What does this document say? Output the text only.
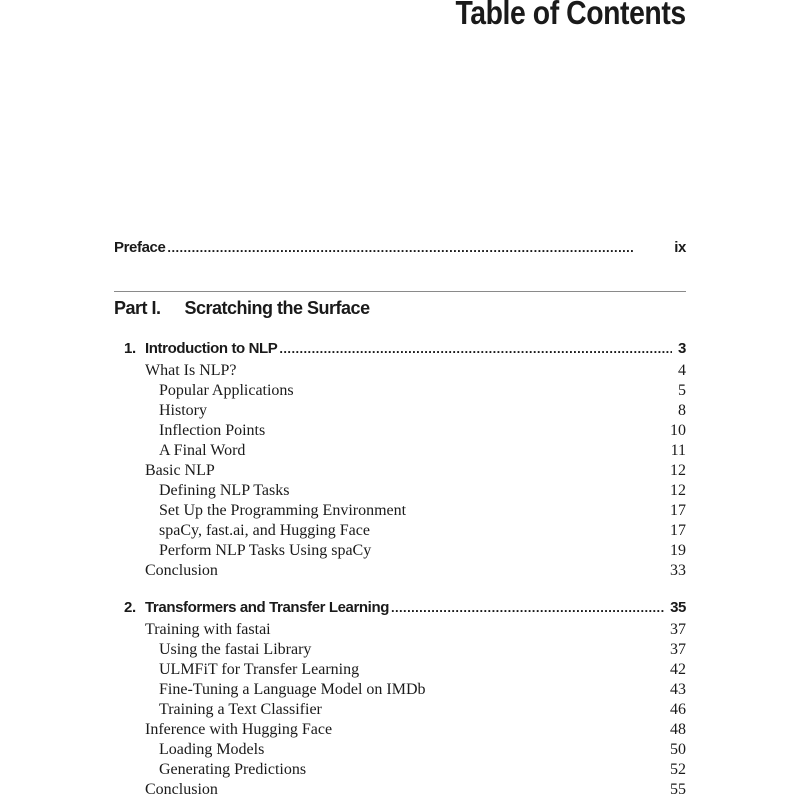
Table of Contents
Preface . . .	ix
Part I. Scratching the Surface
1. Introduction to NLP . . .	3
What Is NLP?	4
Popular Applications	5
History	8
Inflection Points	10
A Final Word	11
Basic NLP	12
Defining NLP Tasks	12
Set Up the Programming Environment	17
spaCy, fast.ai, and Hugging Face	17
Perform NLP Tasks Using spaCy	19
Conclusion	33
2. Transformers and Transfer Learning . . .	35
Training with fastai	37
Using the fastai Library	37
ULMFiT for Transfer Learning	42
Fine-Tuning a Language Model on IMDb	43
Training a Text Classifier	46
Inference with Hugging Face	48
Loading Models	50
Generating Predictions	52
Conclusion	55
